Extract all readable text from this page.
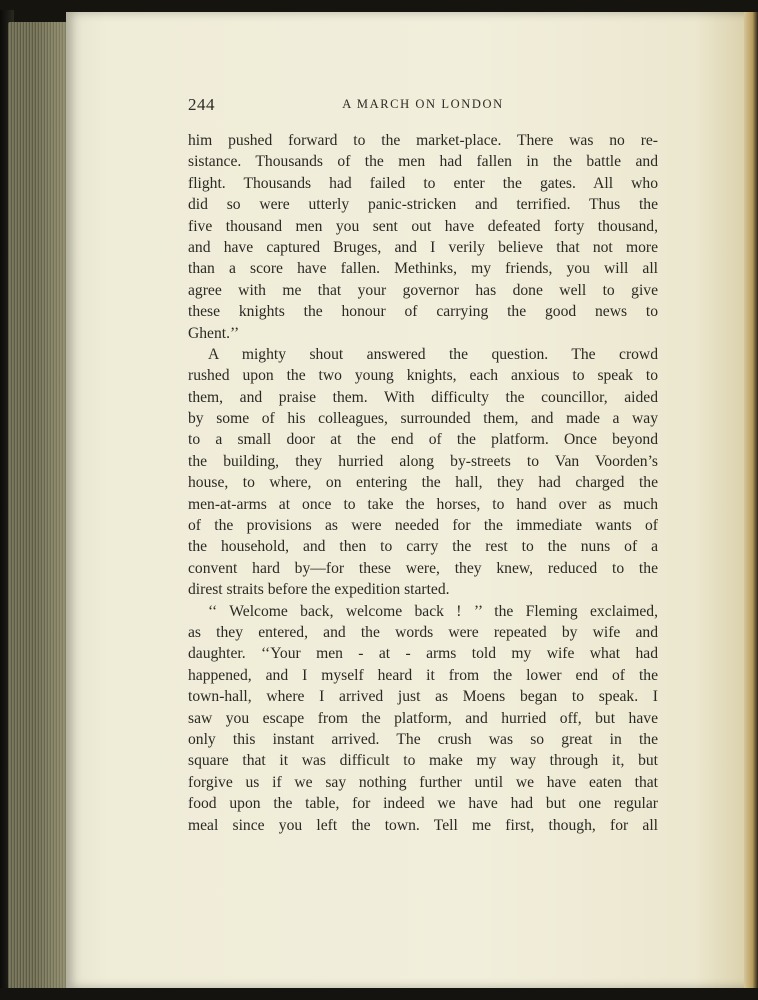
244	A MARCH ON LONDON
him pushed forward to the market-place. There was no re-
sistance. Thousands of the men had fallen in the battle and
flight. Thousands had failed to enter the gates. All who
did so were utterly panic-stricken and terrified. Thus the
five thousand men you sent out have defeated forty thousand,
and have captured Bruges, and I verily believe that not more
than a score have fallen. Methinks, my friends, you will all
agree with me that your governor has done well to give
these knights the honour of carrying the good news to
Ghent.’’
A mighty shout answered the question. The crowd
rushed upon the two young knights, each anxious to speak to
them, and praise them. With difficulty the councillor, aided
by some of his colleagues, surrounded them, and made a way
to a small door at the end of the platform. Once beyond
the building, they hurried along by-streets to Van Voorden’s
house, to where, on entering the hall, they had charged the
men-at-arms at once to take the horses, to hand over as much
of the provisions as were needed for the immediate wants of
the household, and then to carry the rest to the nuns of a
convent hard by—for these were, they knew, reduced to the
direst straits before the expedition started.
‘‘ Welcome back, welcome back ! ’’ the Fleming exclaimed,
as they entered, and the words were repeated by wife and
daughter. ‘‘Your men - at - arms told my wife what had
happened, and I myself heard it from the lower end of the
town-hall, where I arrived just as Moens began to speak. I
saw you escape from the platform, and hurried off, but have
only this instant arrived. The crush was so great in the
square that it was difficult to make my way through it, but
forgive us if we say nothing further until we have eaten that
food upon the table, for indeed we have had but one regular
meal since you left the town. Tell me first, though, for all
